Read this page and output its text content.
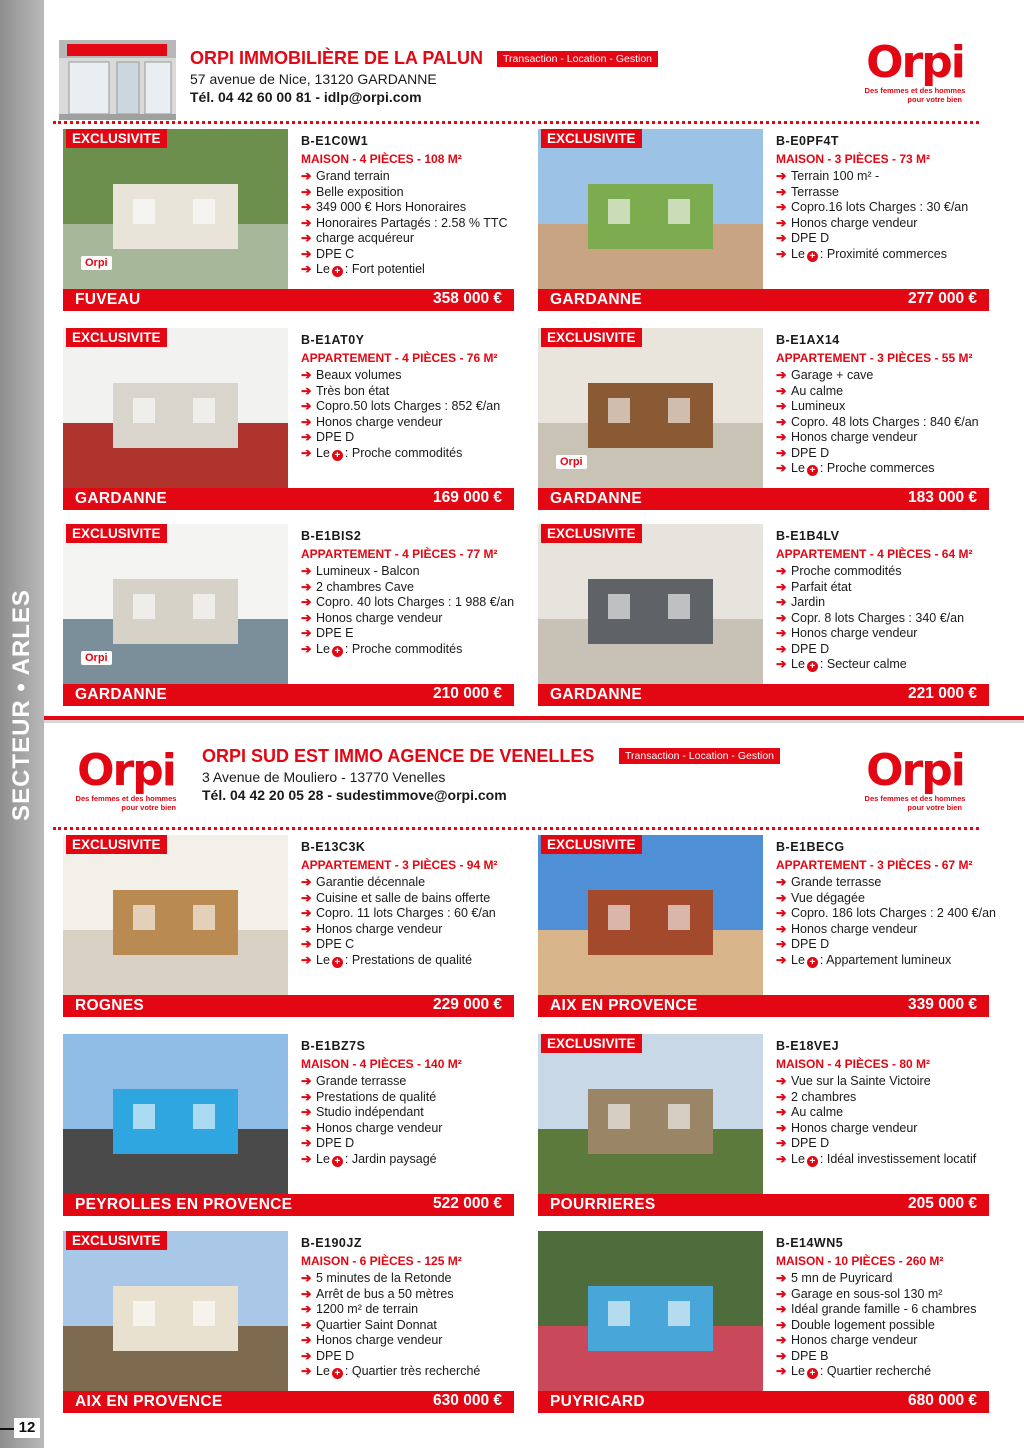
SECTEUR • ARLES
12
ORPI IMMOBILIÈRE DE LA PALUN
57 avenue de Nice, 13120 GARDANNE
Tél. 04 42 60 00 81 - idlp@orpi.com
Transaction - Location - Gestion	Orpi
Des femmes et des hommes
pour votre bien
Orpi
Des femmes et des hommes
pour votre bien
ORPI SUD EST IMMO AGENCE DE VENELLES
3 Avenue de Mouliero - 13770 Venelles
Tél. 04 42 20 05 28 - sudestimmove@orpi.com
Transaction - Location - Gestion	Orpi
Des femmes et des hommes
pour votre bien
EXCLUSIVITE
Orpi
B-E1C0W1
MAISON - 4 PIÈCES - 108 M²
➔ Grand terrain
➔ Belle exposition
➔ 349 000 € Hors Honoraires
➔ Honoraires Partagés : 2.58 % TTC
➔ charge acquéreur
➔ DPE C
➔ Le + : Fort potentiel
FUVEAU	358 000 €
EXCLUSIVITE	B-E0PF4T
MAISON - 3 PIÈCES - 73 M²
➔ Terrain 100 m² -
➔ Terrasse
➔ Copro.16 lots Charges : 30 €/an
➔ Honos charge vendeur
➔ DPE D
➔ Le + : Proximité commerces
GARDANNE	277 000 €
EXCLUSIVITE	B-E1AT0Y
APPARTEMENT - 4 PIÈCES - 76 M²
➔ Beaux volumes
➔ Très bon état
➔ Copro.50 lots Charges : 852 €/an
➔ Honos charge vendeur
➔ DPE D
➔ Le + : Proche commodités
GARDANNE	169 000 €
EXCLUSIVITE
Orpi
B-E1AX14
APPARTEMENT - 3 PIÈCES - 55 M²
➔ Garage + cave
➔ Au calme
➔ Lumineux
➔ Copro. 48 lots Charges : 840 €/an
➔ Honos charge vendeur
➔ DPE D
➔ Le + : Proche commerces
GARDANNE	183 000 €
EXCLUSIVITE
Orpi
B-E1BIS2
APPARTEMENT - 4 PIÈCES - 77 M²
➔ Lumineux - Balcon
➔ 2 chambres Cave
➔ Copro. 40 lots Charges : 1 988 €/an
➔ Honos charge vendeur
➔ DPE E
➔ Le + : Proche commodités
GARDANNE	210 000 €
EXCLUSIVITE	B-E1B4LV
APPARTEMENT - 4 PIÈCES - 64 M²
➔ Proche commodités
➔ Parfait état
➔ Jardin
➔ Copr. 8 lots Charges : 340 €/an
➔ Honos charge vendeur
➔ DPE D
➔ Le + : Secteur calme
GARDANNE	221 000 €
EXCLUSIVITE	B-E13C3K
APPARTEMENT - 3 PIÈCES - 94 M²
➔ Garantie décennale
➔ Cuisine et salle de bains offerte
➔ Copro. 11 lots Charges : 60 €/an
➔ Honos charge vendeur
➔ DPE C
➔ Le + : Prestations de qualité
ROGNES	229 000 €
EXCLUSIVITE	B-E1BECG
APPARTEMENT - 3 PIÈCES - 67 M²
➔ Grande terrasse
➔ Vue dégagée
➔ Copro. 186 lots Charges : 2 400 €/an
➔ Honos charge vendeur
➔ DPE D
➔ Le + : Appartement lumineux
AIX EN PROVENCE	339 000 €
B-E1BZ7S
MAISON - 4 PIÈCES - 140 M²
➔ Grande terrasse
➔ Prestations de qualité
➔ Studio indépendant
➔ Honos charge vendeur
➔ DPE D
➔ Le + : Jardin paysagé
PEYROLLES EN PROVENCE	522 000 €
EXCLUSIVITE	B-E18VEJ
MAISON - 4 PIÈCES - 80 M²
➔ Vue sur la Sainte Victoire
➔ 2 chambres
➔ Au calme
➔ Honos charge vendeur
➔ DPE D
➔ Le + : Idéal investissement locatif
POURRIERES	205 000 €
EXCLUSIVITE	B-E190JZ
MAISON - 6 PIÈCES - 125 M²
➔ 5 minutes de la Retonde
➔ Arrêt de bus a 50 mètres
➔ 1200 m² de terrain
➔ Quartier Saint Donnat
➔ Honos charge vendeur
➔ DPE D
➔ Le + : Quartier très recherché
AIX EN PROVENCE	630 000 €
B-E14WN5
MAISON - 10 PIÈCES - 260 M²
➔ 5 mn de Puyricard
➔ Garage en sous-sol 130 m²
➔ Idéal grande famille - 6 chambres
➔ Double logement possible
➔ Honos charge vendeur
➔ DPE B
➔ Le + : Quartier recherché
PUYRICARD	680 000 €
